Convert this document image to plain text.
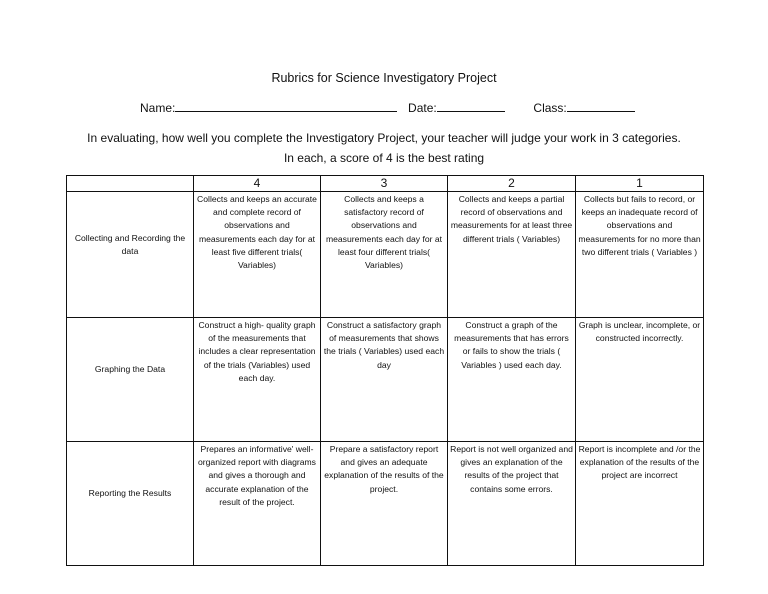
Rubrics for Science Investigatory Project
Name:	Date:	Class:
In evaluating, how well you complete the Investigatory Project, your teacher will judge your work in 3 categories.
In each, a score of 4 is the best rating
	4	3	2	1
Collecting and Recording the data	Collects and keeps an accurate and complete record of observations and measurements each day for at least five different trials( Variables)	Collects and keeps a satisfactory record of observations and measurements each day for at least four different trials( Variables)	Collects and keeps a partial record of observations and measurements for at least three different trials ( Variables)	Collects but fails to record, or keeps an inadequate record of observations and measurements for no more than two different trials ( Variables )
Graphing the Data	Construct a high- quality graph of the measurements that includes a clear representation of the trials (Variables) used each day.	Construct a satisfactory graph of measurements that shows the trials ( Variables) used each day	Construct a graph of the measurements that has errors or fails to show the trials ( Variables ) used each day.	Graph is unclear, incomplete, or constructed incorrectly.
Reporting the Results	Prepares an informative' well-organized report with diagrams and gives a thorough and accurate explanation of the result of the project.	Prepare a satisfactory report and gives an adequate explanation of the results of the project.	Report is not well organized and gives an explanation of the results of the project that contains some errors.	Report is incomplete and /or the explanation of the results of the project are incorrect
